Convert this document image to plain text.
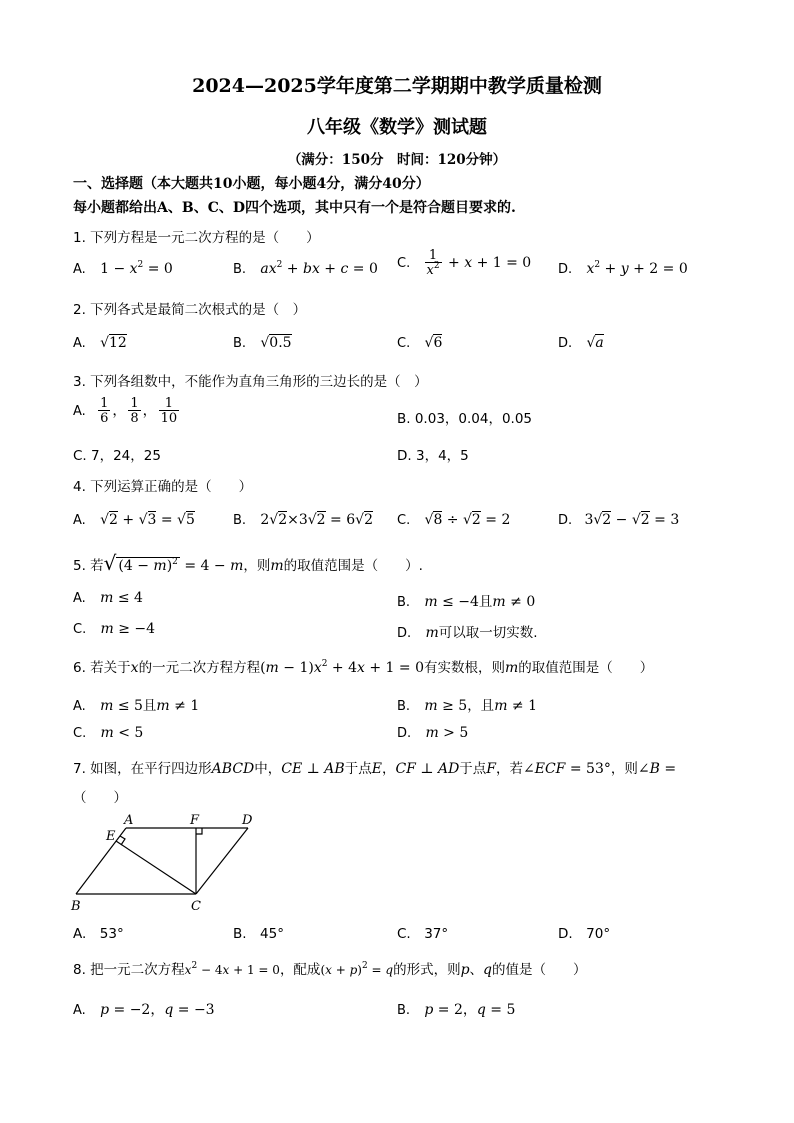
2024—2025学年度第二学期期中教学质量检测
八年级《数学》测试题
（满分：150分　时间：120分钟）
一、选择题（本大题共10小题，每小题4分，满分40分）
每小题都给出A、B、C、D四个选项，其中只有一个是符合题目要求的.
1. 下列方程是一元二次方程的是（　　）
A. $1 - x^2 = 0$	B. $ax^2$ + bx + c = 0 C. $\frac{1}{x^2} + x + 1 = 0$ D. $x^2 + y + 2 = 0$
2. 下列各式是最简二次根式的是（　）
A. √12	B. √0.5	C. √6	D. √a
3. 下列各组数中，不能作为直角三角形的三边长的是（　）
A. $\frac{1}{6}$ ， $\frac{1}{8}$ ， $\frac{1}{10}$	B. 0.03，0.04，0.05
C. 7，24，25	D. 3，4，5
4. 下列运算正确的是（　　）
A. √2 + √3 = √5	B. 2√2×3√2 = 6√2 C. √8 ÷ √2 = 2	D. 3√2 − √2 = 3
5. 若√ $(4 - m)^2 = 4 - m$，则m的取值范围是（　　）.
A. m ≤ 4	B. m ≤ −4且m ≠ 0
C. m ≥ −4	D. m可以取一切实数.
6. 若关于x的一元二次方程方程$(m - 1)x^2 + 4x + 1 = 0$有实数根，则m的取值范围是（　　）
A. m ≤ 5且m ≠ 1	B. m ≥ 5，且m ≠ 1
C. m < 5	D. m > 5
7. 如图，在平行四边形ABCD中，CE ⊥ AB于点E，CF ⊥ AD于点F，若∠ECF = 53°，则∠B =
（　　）
A	F	D
E
B	C
A.　53°	B.　45°	C.　37°	D.　70°
8. 把一元二次方程$x^2 - 4x + 1 = 0$，配成$(x + p)^2 = q$的形式，则p、q的值是（　　）
A. p = −2，q = −3	B. p = 2，q = 5
